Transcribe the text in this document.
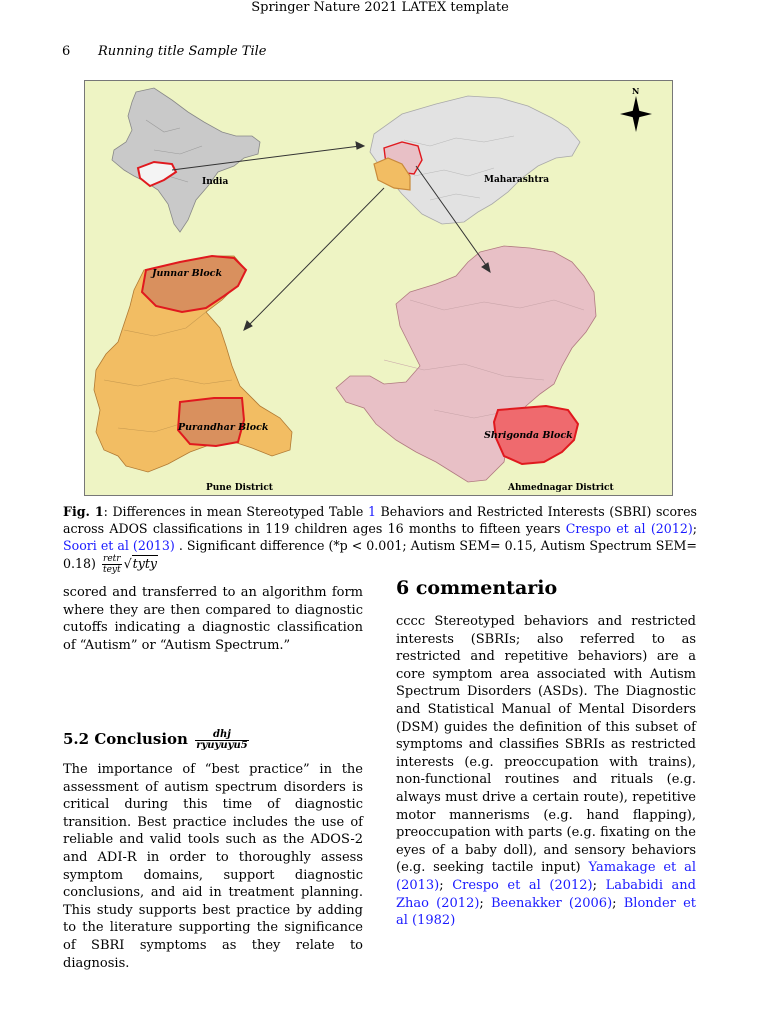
Springer Nature 2021 LATEX template
6 Running title Sample Tile
India	Maharashtra
N
Junnar Block
Purandhar Block
Pune District
Shrigonda Block
Ahmednagar District
Fig. 1: Differences in mean Stereotyped Table 1 Behaviors and Restricted Interests (SBRI) scores across ADOS classifications in 119 children ages 16 months to fifteen years Crespo et al (2012); Soori et al (2013) . Significant difference (*p < 0.001; Autism SEM= 0.15, Autism Spectrum $SEM= 0.18) \frac{\text{retr}}{\text{teyt}}$ √tyty
scored and transferred to an algorithm form where they are then compared to diagnostic cutoffs indicating a diagnostic classification of “Autism” or “Autism Spectrum.”
5.2 Conclusion $\frac{\text{dhj}}{\text{ryuyuyu5}}$
The importance of “best practice” in the assessment of autism spectrum disorders is critical during this time of diagnostic transition. Best practice includes the use of reliable and valid tools such as the ADOS-2 and ADI-R in order to thoroughly assess symptom domains, support diagnostic conclusions, and aid in treatment planning. This study supports best practice by adding to the literature supporting the significance of SBRI symptoms as they relate to diagnosis.
6 commentario
cccc Stereotyped behaviors and restricted interests (SBRIs; also referred to as restricted and repetitive behaviors) are a core symptom area associated with Autism Spectrum Disorders (ASDs). The Diagnostic and Statistical Manual of Mental Disorders (DSM) guides the definition of this subset of symptoms and classifies SBRIs as restricted interests (e.g. preoccupation with trains), non-functional routines and rituals (e.g. always must drive a certain route), repetitive motor mannerisms (e.g. hand flapping), preoccupation with parts (e.g. fixating on the eyes of a baby doll), and sensory behaviors (e.g. seeking tactile input) Yamakage et al (2013); Crespo et al (2012); Lababidi and Zhao (2012); Beenakker (2006); Blonder et al (1982)
